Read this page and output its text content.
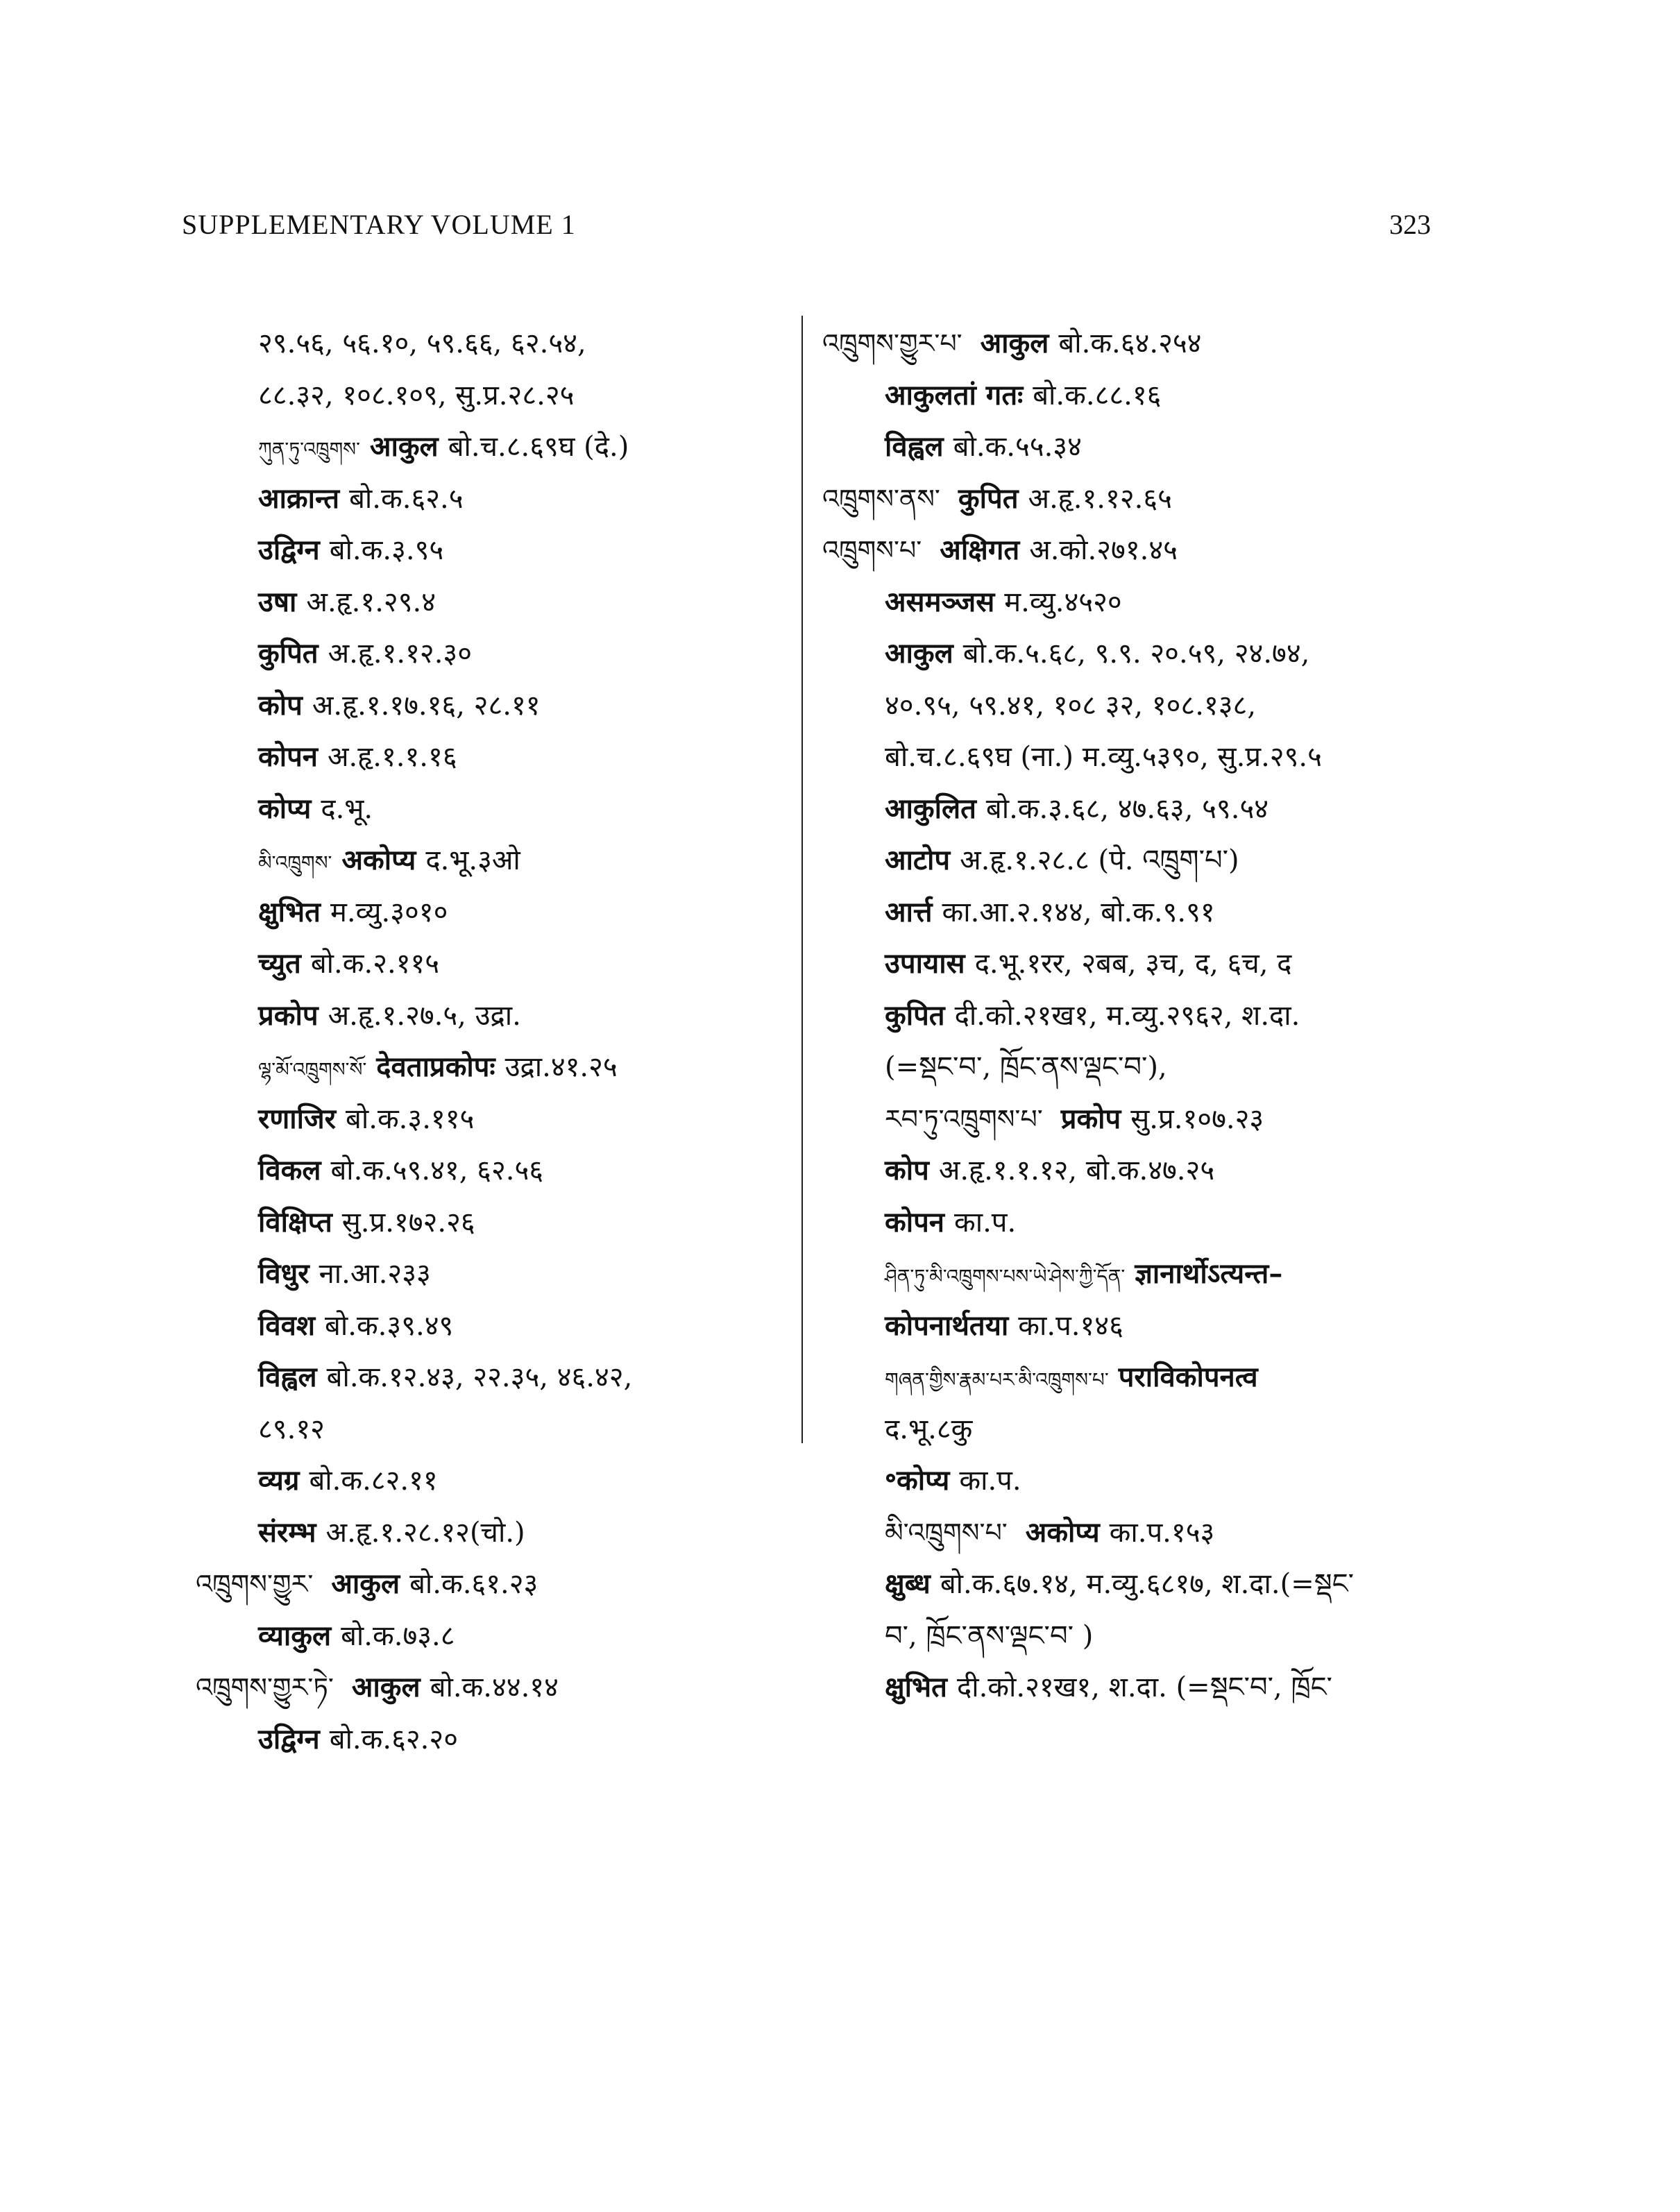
SUPPLEMENTARY VOLUME 1	323
२९.५६, ५६.१०, ५९.६६, ६२.५४,
८८.३२, १०८.१०९, सु.प्र.२८.२५
ཀུན་ཏུ་འཁྲུགས་ आकुल बो.च.८.६९घ (दे.)
आक्रान्त बो.क.६२.५
उद्विग्न बो.क.३.९५
उषा अ.हृ.१.२९.४
कुपित अ.हृ.१.१२.३०
कोप अ.हृ.१.१७.१६, २८.११
कोपन अ.हृ.१.१.१६
कोप्य द.भू.
མི་འཁྲུགས་ अकोप्य द.भू.३ओ
क्षुभित म.व्यु.३०१०
च्युत बो.क.२.११५
प्रकोप अ.हृ.१.२७.५, उद्रा.
ལྷ་མོ་འཁྲུགས་སོ་ देवताप्रकोपः उद्रा.४१.२५
रणाजिर बो.क.३.११५
विकल बो.क.५९.४१, ६२.५६
विक्षिप्त सु.प्र.१७२.२६
विधुर ना.आ.२३३
विवश बो.क.३९.४९
विह्वल बो.क.१२.४३, २२.३५, ४६.४२,
८९.१२
व्यग्र बो.क.८२.११
संरम्भ अ.हृ.१.२८.१२(चो.)
འཁྲུགས་གྱུར་ आकुल बो.क.६१.२३
व्याकुल बो.क.७३.८
འཁྲུགས་གྱུར་ཏེ་ आकुल बो.क.४४.१४
उद्विग्न बो.क.६२.२०
འཁྲུགས་གྱུར་པ་ आकुल बो.क.६४.२५४
आकुलतां गतः बो.क.८८.१६
विह्वल बो.क.५५.३४
འཁྲུགས་ནས་ कुपित अ.हृ.१.१२.६५
འཁྲུགས་པ་ अक्षिगत अ.को.२७१.४५
असमञ्जस म.व्यु.४५२०
आकुल बो.क.५.६८, ९.९. २०.५९, २४.७४,
४०.९५, ५९.४१, १०८ ३२, १०८.१३८,
बो.च.८.६९घ (ना.) म.व्यु.५३९०, सु.प्र.२९.५
आकुलित बो.क.३.६८, ४७.६३, ५९.५४
आटोप अ.हृ.१.२८.८ (पे. འཁྲུག་པ་)
आर्त्त का.आ.२.१४४, बो.क.९.९१
उपायास द.भू.१रर, २बब, ३च, द, ६च, द
कुपित दी.को.२१ख१, म.व्यु.२९६२, श.दा.
(=སྡང་བ་, ཁྲོང་ནས་ལྡང་བ་),
རབ་ཏུ་འཁྲུགས་པ་ प्रकोप सु.प्र.१०७.२३
कोप अ.हृ.१.१.१२, बो.क.४७.२५
कोपन का.प.
ཤིན་ཏུ་མི་འཁྲུགས་པས་ཡེ་ཤེས་ཀྱི་དོན་ ज्ञानार्थोऽत्यन्त–
कोपनार्थतया का.प.१४६
གཞན་གྱིས་རྣམ་པར་མི་འཁྲུགས་པ་ पराविकोपनत्व
द.भू.८कु
॰कोप्य का.प.
མི་འཁྲུགས་པ་ अकोप्य का.प.१५३
क्षुब्ध बो.क.६७.१४, म.व्यु.६८१७, श.दा.(=སྡང་
བ་, ཁྲོང་ནས་ལྡང་བ་ )
क्षुभित दी.को.२१ख१, श.दा. (=སྡང་བ་, ཁྲོང་
